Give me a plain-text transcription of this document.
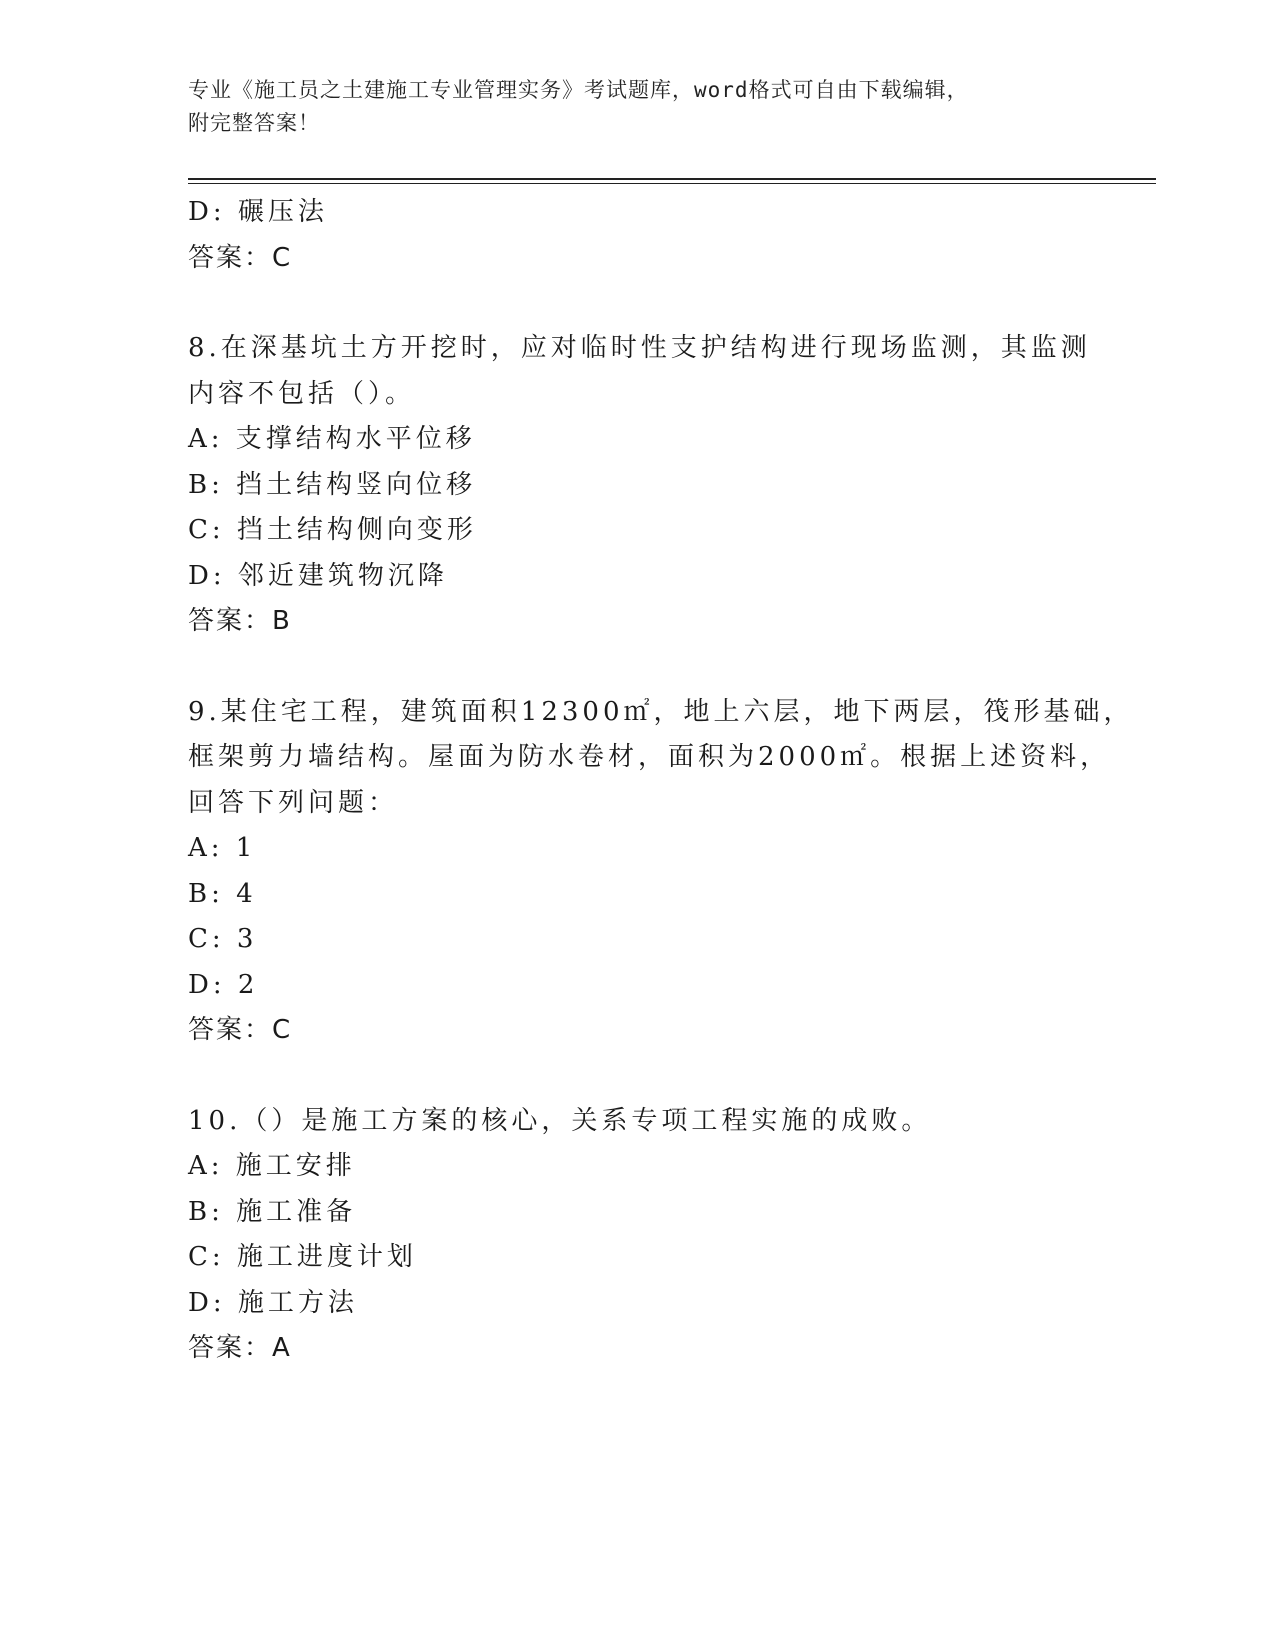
专业《施工员之土建施工专业管理实务》考试题库，word格式可自由下载编辑，
附完整答案！
D: 碾压法
答案：C
8.在深基坑土方开挖时，应对临时性支护结构进行现场监测，其监测
内容不包括（）。
A: 支撑结构水平位移
B: 挡土结构竖向位移
C: 挡土结构侧向变形
D: 邻近建筑物沉降
答案：B
9.某住宅工程，建筑面积12300㎡，地上六层，地下两层，筏形基础，
框架剪力墙结构。屋面为防水卷材，面积为2000㎡。根据上述资料，
回答下列问题：
A: 1
B: 4
C: 3
D: 2
答案：C
10.（）是施工方案的核心，关系专项工程实施的成败。
A: 施工安排
B: 施工准备
C: 施工进度计划
D: 施工方法
答案：A
